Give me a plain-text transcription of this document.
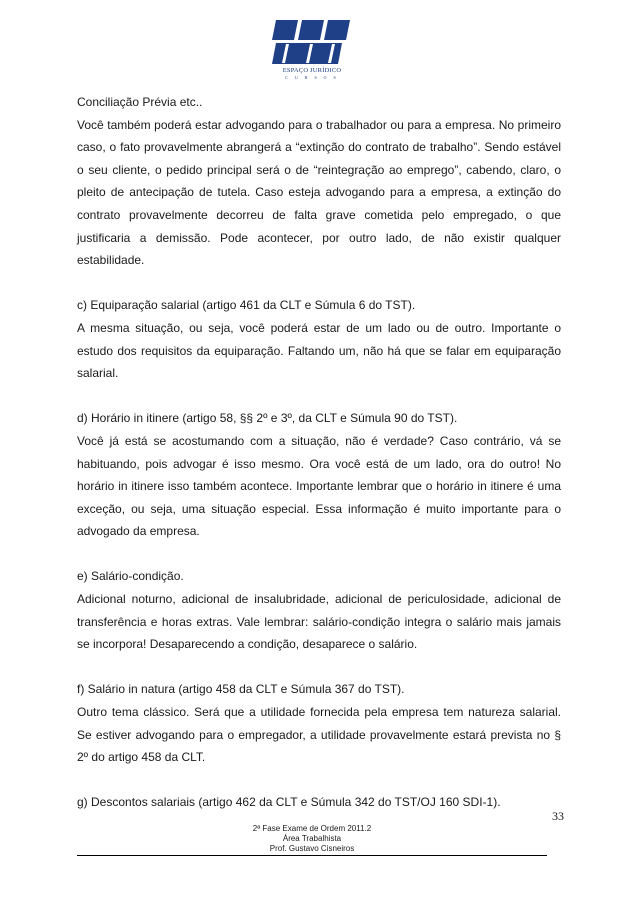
ESPAÇO JURÍDICO
C U R S O S

Conciliação Prévia etc..

Você também poderá estar advogando para o trabalhador ou para a empresa. No primeiro caso, o fato provavelmente abrangerá a “extinção do contrato de trabalho”. Sendo estável o seu cliente, o pedido principal será o de “reintegração ao emprego”, cabendo, claro, o pleito de antecipação de tutela. Caso esteja advogando para a empresa, a extinção do contrato provavelmente decorreu de falta grave cometida pelo empregado, o que justificaria a demissão. Pode acontecer, por outro lado, de não existir qualquer estabilidade.

c) Equiparação salarial (artigo 461 da CLT e Súmula 6 do TST).

A mesma situação, ou seja, você poderá estar de um lado ou de outro. Importante o estudo dos requisitos da equiparação. Faltando um, não há que se falar em equiparação salarial.

d) Horário in itinere (artigo 58, §§ 2º e 3º, da CLT e Súmula 90 do TST).

Você já está se acostumando com a situação, não é verdade? Caso contrário, vá se habituando, pois advogar é isso mesmo. Ora você está de um lado, ora do outro! No horário in itinere isso também acontece. Importante lembrar que o horário in itinere é uma exceção, ou seja, uma situação especial. Essa informação é muito importante para o advogado da empresa.

e) Salário-condição.

Adicional noturno, adicional de insalubridade, adicional de periculosidade, adicional de transferência e horas extras. Vale lembrar: salário-condição integra o salário mais jamais se incorpora! Desaparecendo a condição, desaparece o salário.

f) Salário in natura (artigo 458 da CLT e Súmula 367 do TST).

Outro tema clássico. Será que a utilidade fornecida pela empresa tem natureza salarial. Se estiver advogando para o empregador, a utilidade provavelmente estará prevista no § 2º do artigo 458 da CLT.

g) Descontos salariais (artigo 462 da CLT e Súmula 342 do TST/OJ 160 SDI-1).

33
2ª Fase Exame de Ordem 2011.2
Área Trabalhista
Prof. Gustavo Cisneiros
